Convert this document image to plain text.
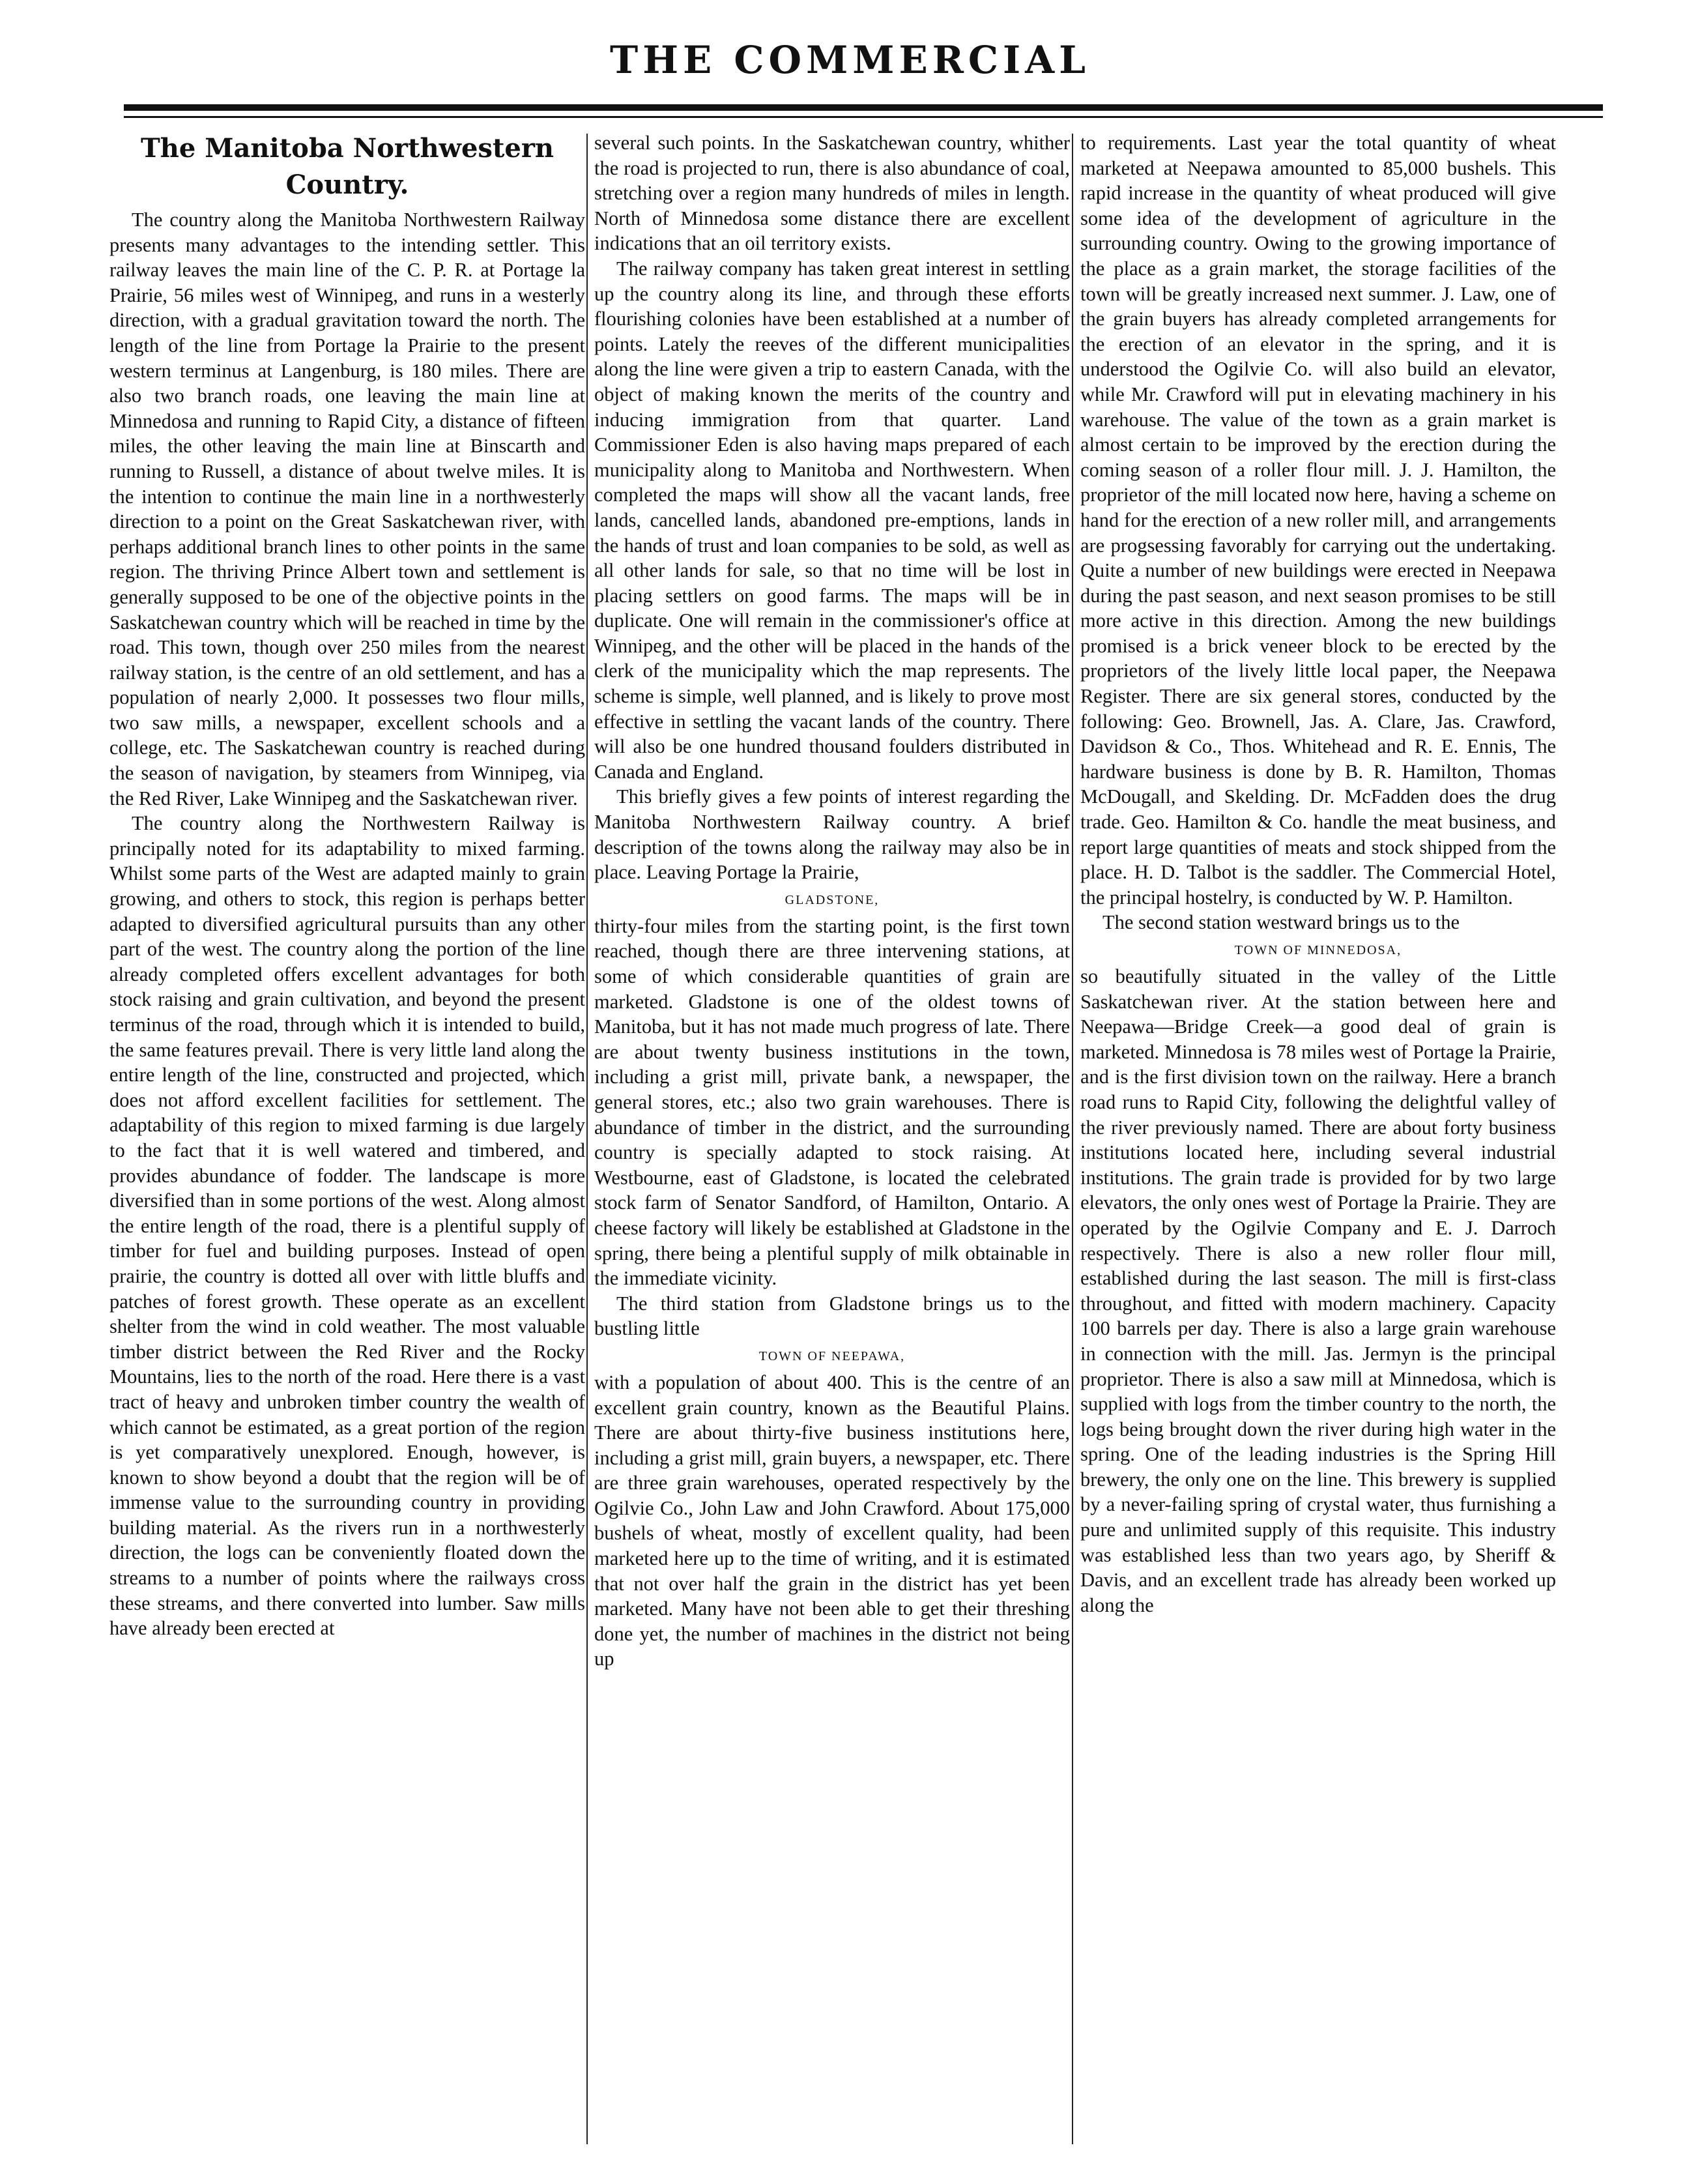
THE COMMERCIAL
The Manitoba Northwestern Country.

The country along the Manitoba Northwestern Railway presents many advantages to the intending settler. This railway leaves the main line of the C. P. R. at Portage la Prairie, 56 miles west of Winnipeg, and runs in a westerly direction, with a gradual gravitation toward the north. The length of the line from Portage la Prairie to the present western terminus at Langenburg, is 180 miles. There are also two branch roads, one leaving the main line at Minnedosa and running to Rapid City, a distance of fifteen miles, the other leaving the main line at Binscarth and running to Russell, a distance of about twelve miles. It is the intention to continue the main line in a northwesterly direction to a point on the Great Saskatchewan river, with perhaps additional branch lines to other points in the same region. The thriving Prince Albert town and settlement is generally supposed to be one of the objective points in the Saskatchewan country which will be reached in time by the road. This town, though over 250 miles from the nearest railway station, is the centre of an old settlement, and has a population of nearly 2,000. It possesses two flour mills, two saw mills, a newspaper, excellent schools and a college, etc. The Saskatchewan country is reached during the season of navigation, by steamers from Winnipeg, via the Red River, Lake Winnipeg and the Saskatchewan river.

The country along the Northwestern Railway is principally noted for its adaptability to mixed farming. Whilst some parts of the West are adapted mainly to grain growing, and others to stock, this region is perhaps better adapted to diversified agricultural pursuits than any other part of the west. The country along the portion of the line already completed offers excellent advantages for both stock raising and grain cultivation, and beyond the present terminus of the road, through which it is intended to build, the same features prevail. There is very little land along the entire length of the line, constructed and projected, which does not afford excellent facilities for settlement. The adaptability of this region to mixed farming is due largely to the fact that it is well watered and timbered, and provides abundance of fodder. The landscape is more diversified than in some portions of the west. Along almost the entire length of the road, there is a plentiful supply of timber for fuel and building purposes. Instead of open prairie, the country is dotted all over with little bluffs and patches of forest growth. These operate as an excellent shelter from the wind in cold weather. The most valuable timber district between the Red River and the Rocky Mountains, lies to the north of the road. Here there is a vast tract of heavy and unbroken timber country the wealth of which cannot be estimated, as a great portion of the region is yet comparatively unexplored. Enough, however, is known to show beyond a doubt that the region will be of immense value to the surrounding country in providing building material. As the rivers run in a northwesterly direction, the logs can be conveniently floated down the streams to a number of points where the railways cross these streams, and there converted into lumber. Saw mills have already been erected at

several such points. In the Saskatchewan country, whither the road is projected to run, there is also abundance of coal, stretching over a region many hundreds of miles in length. North of Minnedosa some distance there are excellent indications that an oil territory exists.

The railway company has taken great interest in settling up the country along its line, and through these efforts flourishing colonies have been established at a number of points. Lately the reeves of the different municipalities along the line were given a trip to eastern Canada, with the object of making known the merits of the country and inducing immigration from that quarter. Land Commissioner Eden is also having maps prepared of each municipality along to Manitoba and Northwestern. When completed the maps will show all the vacant lands, free lands, cancelled lands, abandoned pre-emptions, lands in the hands of trust and loan companies to be sold, as well as all other lands for sale, so that no time will be lost in placing settlers on good farms. The maps will be in duplicate. One will remain in the commissioner's office at Winnipeg, and the other will be placed in the hands of the clerk of the municipality which the map represents. The scheme is simple, well planned, and is likely to prove most effective in settling the vacant lands of the country. There will also be one hundred thousand foulders distributed in Canada and England.

This briefly gives a few points of interest regarding the Manitoba Northwestern Railway country. A brief description of the towns along the railway may also be in place. Leaving Portage la Prairie,

GLADSTONE,

thirty-four miles from the starting point, is the first town reached, though there are three intervening stations, at some of which considerable quantities of grain are marketed. Gladstone is one of the oldest towns of Manitoba, but it has not made much progress of late. There are about twenty business institutions in the town, including a grist mill, private bank, a newspaper, the general stores, etc.; also two grain warehouses. There is abundance of timber in the district, and the surrounding country is specially adapted to stock raising. At Westbourne, east of Gladstone, is located the celebrated stock farm of Senator Sandford, of Hamilton, Ontario. A cheese factory will likely be established at Gladstone in the spring, there being a plentiful supply of milk obtainable in the immediate vicinity.

The third station from Gladstone brings us to the bustling little

TOWN OF NEEPAWA,

with a population of about 400. This is the centre of an excellent grain country, known as the Beautiful Plains. There are about thirty-five business institutions here, including a grist mill, grain buyers, a newspaper, etc. There are three grain warehouses, operated respectively by the Ogilvie Co., John Law and John Crawford. About 175,000 bushels of wheat, mostly of excellent quality, had been marketed here up to the time of writing, and it is estimated that not over half the grain in the district has yet been marketed. Many have not been able to get their threshing done yet, the number of machines in the district not being up

to requirements. Last year the total quantity of wheat marketed at Neepawa amounted to 85,000 bushels. This rapid increase in the quantity of wheat produced will give some idea of the development of agriculture in the surrounding country. Owing to the growing importance of the place as a grain market, the storage facilities of the town will be greatly increased next summer. J. Law, one of the grain buyers has already completed arrangements for the erection of an elevator in the spring, and it is understood the Ogilvie Co. will also build an elevator, while Mr. Crawford will put in elevating machinery in his warehouse. The value of the town as a grain market is almost certain to be improved by the erection during the coming season of a roller flour mill. J. J. Hamilton, the proprietor of the mill located now here, having a scheme on hand for the erection of a new roller mill, and arrangements are progsessing favorably for carrying out the undertaking. Quite a number of new buildings were erected in Neepawa during the past season, and next season promises to be still more active in this direction. Among the new buildings promised is a brick veneer block to be erected by the proprietors of the lively little local paper, the Neepawa Register. There are six general stores, conducted by the following: Geo. Brownell, Jas. A. Clare, Jas. Crawford, Davidson & Co., Thos. Whitehead and R. E. Ennis, The hardware business is done by B. R. Hamilton, Thomas McDougall, and Skelding. Dr. McFadden does the drug trade. Geo. Hamilton & Co. handle the meat business, and report large quantities of meats and stock shipped from the place. H. D. Talbot is the saddler. The Commercial Hotel, the principal hostelry, is conducted by W. P. Hamilton.

The second station westward brings us to the

TOWN OF MINNEDOSA,

so beautifully situated in the valley of the Little Saskatchewan river. At the station between here and Neepawa—Bridge Creek—a good deal of grain is marketed. Minnedosa is 78 miles west of Portage la Prairie, and is the first division town on the railway. Here a branch road runs to Rapid City, following the delightful valley of the river previously named. There are about forty business institutions located here, including several industrial institutions. The grain trade is provided for by two large elevators, the only ones west of Portage la Prairie. They are operated by the Ogilvie Company and E. J. Darroch respectively. There is also a new roller flour mill, established during the last season. The mill is first-class throughout, and fitted with modern machinery. Capacity 100 barrels per day. There is also a large grain warehouse in connection with the mill. Jas. Jermyn is the principal proprietor. There is also a saw mill at Minnedosa, which is supplied with logs from the timber country to the north, the logs being brought down the river during high water in the spring. One of the leading industries is the Spring Hill brewery, the only one on the line. This brewery is supplied by a never-failing spring of crystal water, thus furnishing a pure and unlimited supply of this requisite. This industry was established less than two years ago, by Sheriff & Davis, and an excellent trade has already been worked up along the
